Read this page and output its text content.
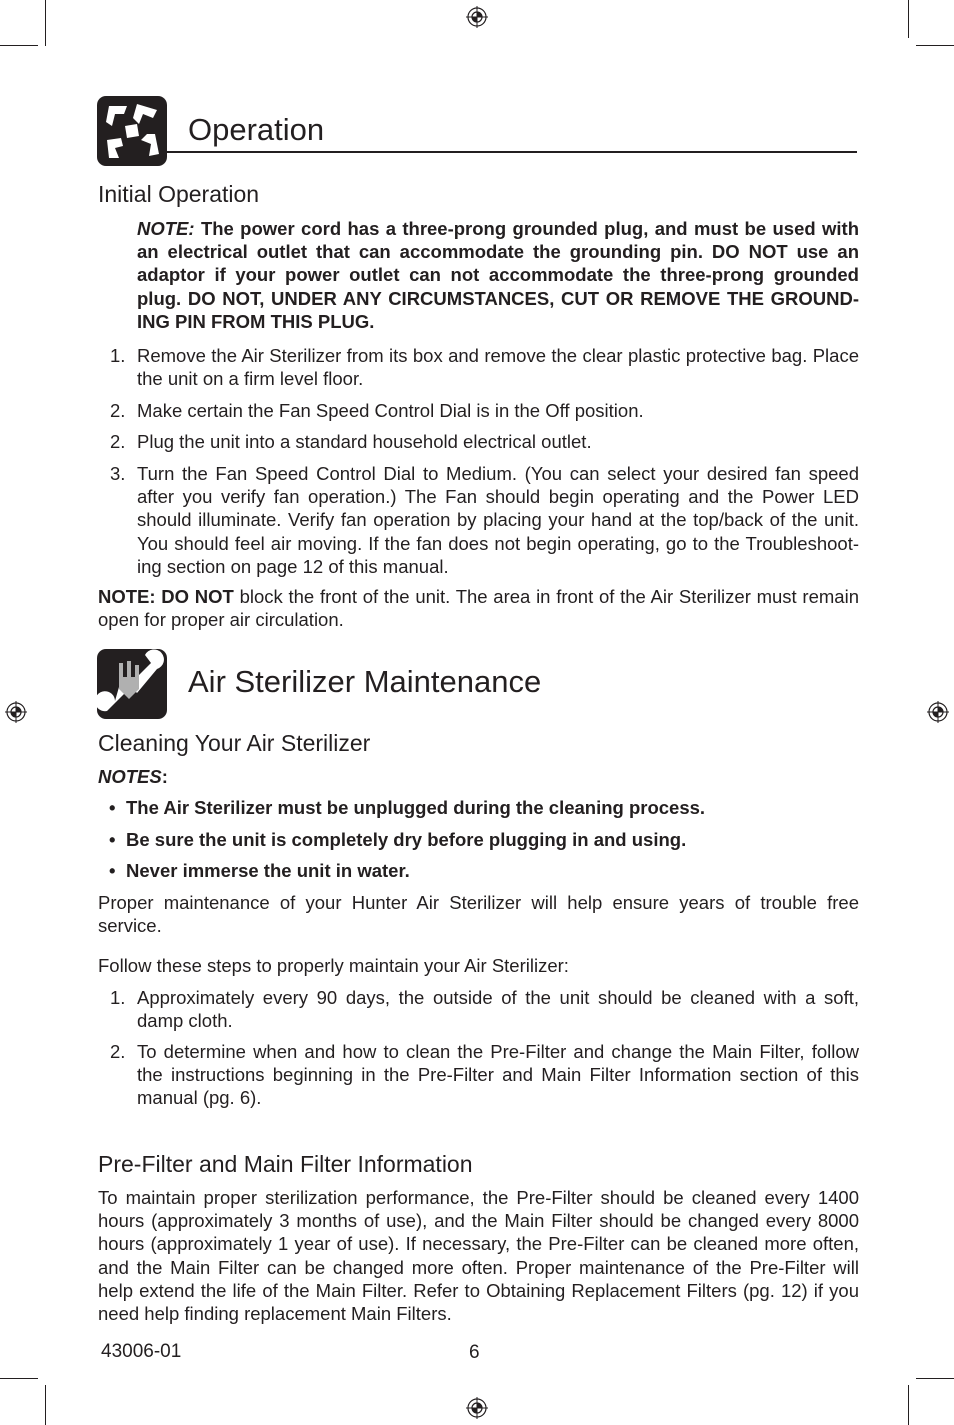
Operation
Initial Operation

NOTE: The power cord has a three-prong grounded plug, and must be used with an electrical outlet that can accommodate the grounding pin. DO NOT use an adaptor if your power outlet can not accommodate the three-prong grounded plug. DO NOT, UNDER ANY CIRCUMSTANCES, CUT OR REMOVE THE GROUND-ING PIN FROM THIS PLUG.

1. Remove the Air Sterilizer from its box and remove the clear plastic protective bag. Place the unit on a firm level floor.
2. Make certain the Fan Speed Control Dial is in the Off position.
2. Plug the unit into a standard household electrical outlet.
3. Turn the Fan Speed Control Dial to Medium. (You can select your desired fan speed after you verify fan operation.) The Fan should begin operating and the Power LED should illuminate. Verify fan operation by placing your hand at the top/back of the unit. You should feel air moving. If the fan does not begin operating, go to the Troubleshoot-ing section on page 12 of this manual.

NOTE: DO NOT block the front of the unit. The area in front of the Air Sterilizer must remain open for proper air circulation.

Air Sterilizer Maintenance
Cleaning Your Air Sterilizer
NOTES:
• The Air Sterilizer must be unplugged during the cleaning process.
• Be sure the unit is completely dry before plugging in and using.
• Never immerse the unit in water.

Proper maintenance of your Hunter Air Sterilizer will help ensure years of trouble free service.

Follow these steps to properly maintain your Air Sterilizer:

1. Approximately every 90 days, the outside of the unit should be cleaned with a soft, damp cloth.
2. To determine when and how to clean the Pre-Filter and change the Main Filter, follow the instructions beginning in the Pre-Filter and Main Filter Information section of this manual (pg. 6).
Pre-Filter and Main Filter Information

To maintain proper sterilization performance, the Pre-Filter should be cleaned every 1400 hours (approximately 3 months of use), and the Main Filter should be changed every 8000 hours (approximately 1 year of use). If necessary, the Pre-Filter can be cleaned more often, and the Main Filter can be changed more often. Proper maintenance of the Pre-Filter will help extend the life of the Main Filter. Refer to Obtaining Replacement Filters (pg. 12) if you need help finding replacement Main Filters.

43006-01	6
